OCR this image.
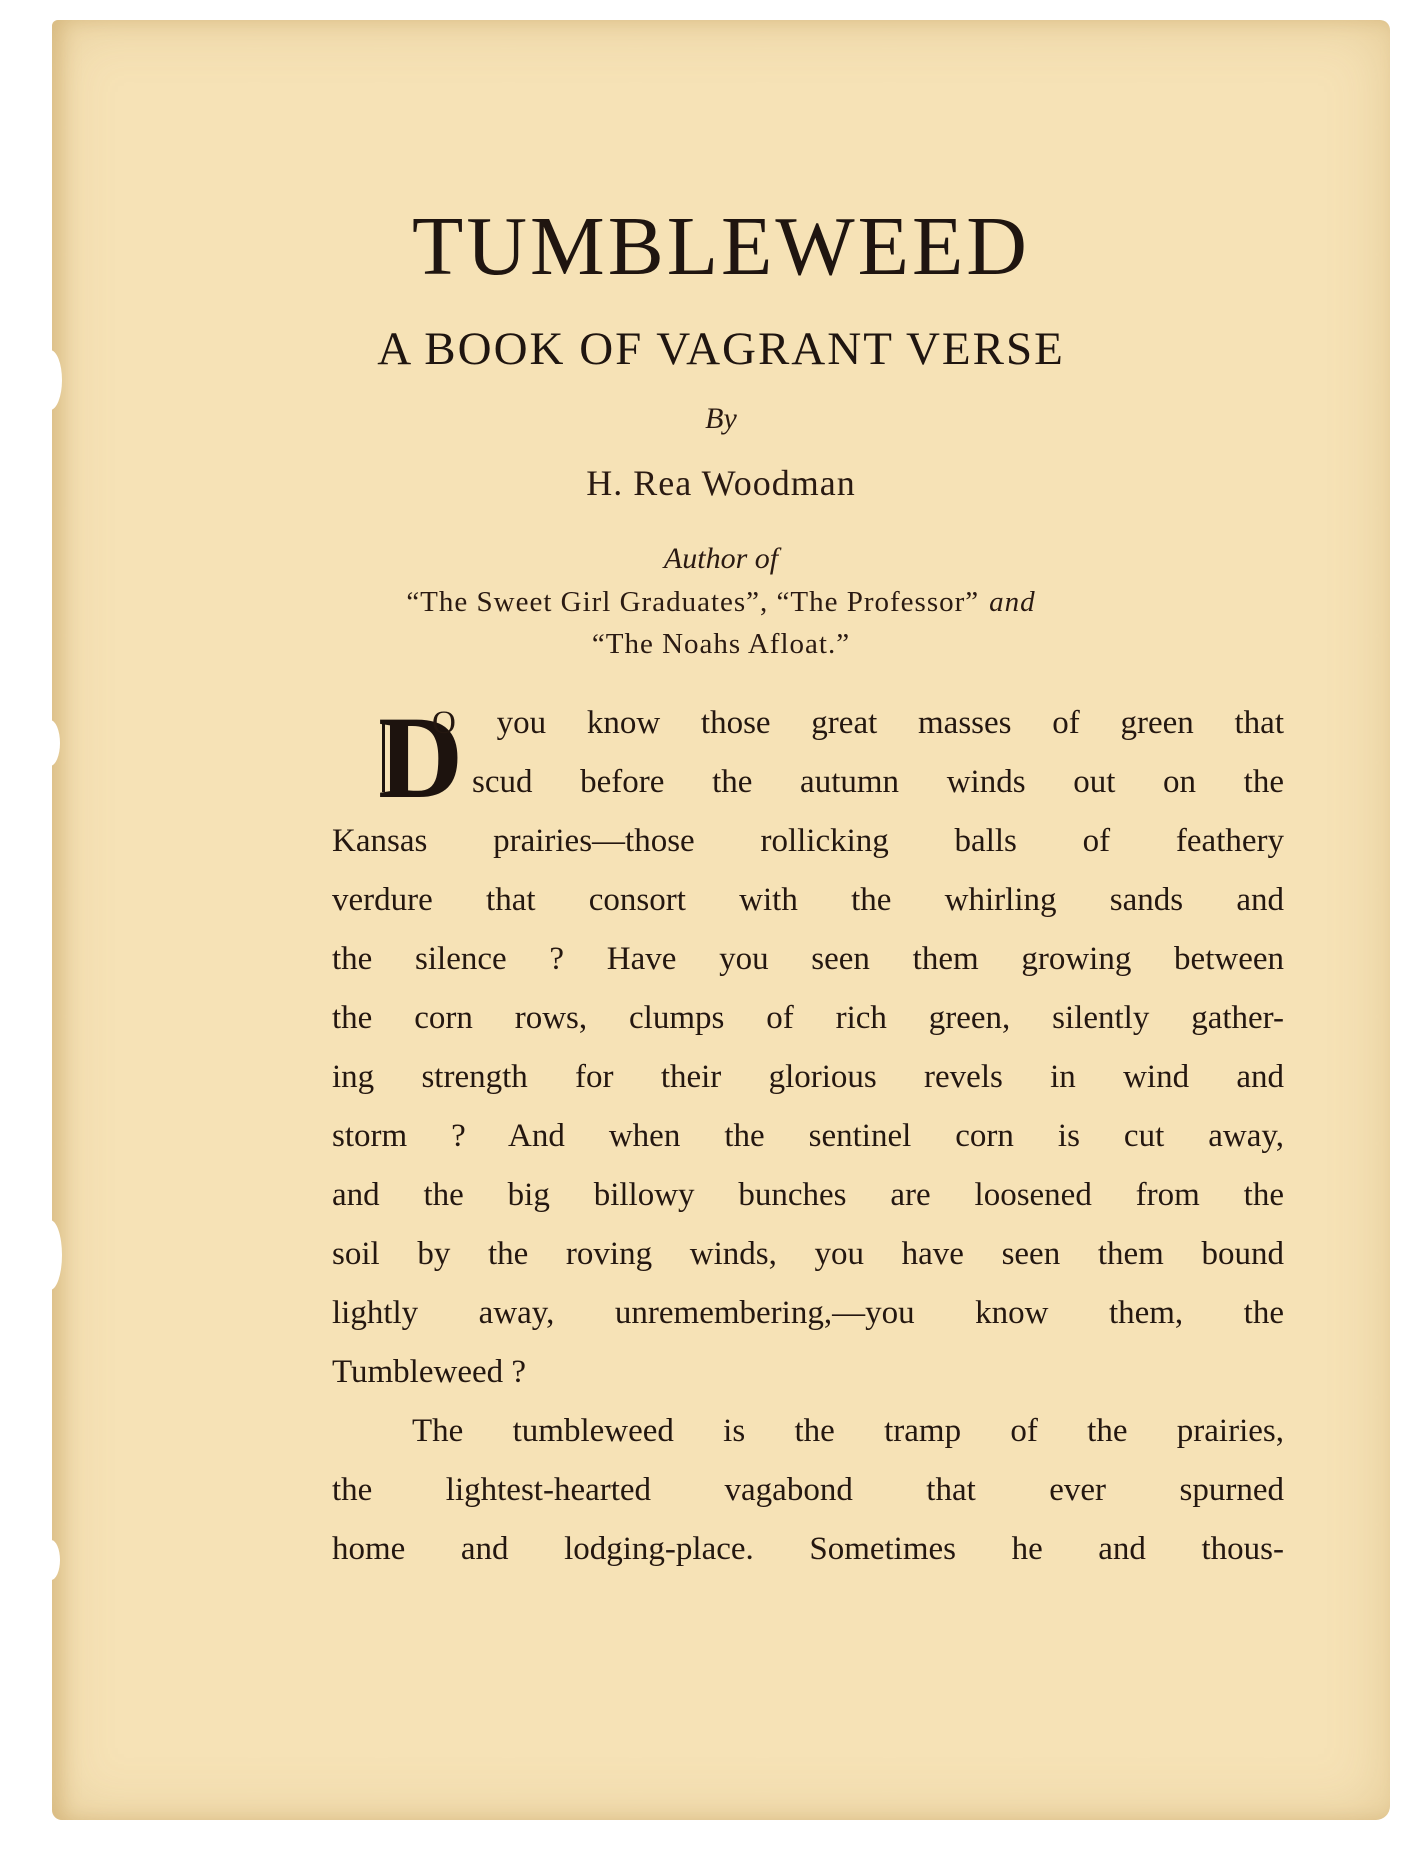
TUMBLEWEED
A BOOK OF VAGRANT VERSE
By
H. Rea Woodman
Author of
“The Sweet Girl Graduates”, “The Professor” and
“The Noahs Afloat.”
D
O you know those great masses of green that
scud before the autumn winds out on the
Kansas prairies—those rollicking balls of feathery
verdure that consort with the whirling sands and
the silence ? Have you seen them growing between
the corn rows, clumps of rich green, silently gather-
ing strength for their glorious revels in wind and
storm ? And when the sentinel corn is cut away,
and the big billowy bunches are loosened from the
soil by the roving winds, you have seen them bound
lightly away, unremembering,—you know them, the
Tumbleweed ?
The tumbleweed is the tramp of the prairies,
the lightest-hearted vagabond that ever spurned
home and lodging-place. Sometimes he and thous-
